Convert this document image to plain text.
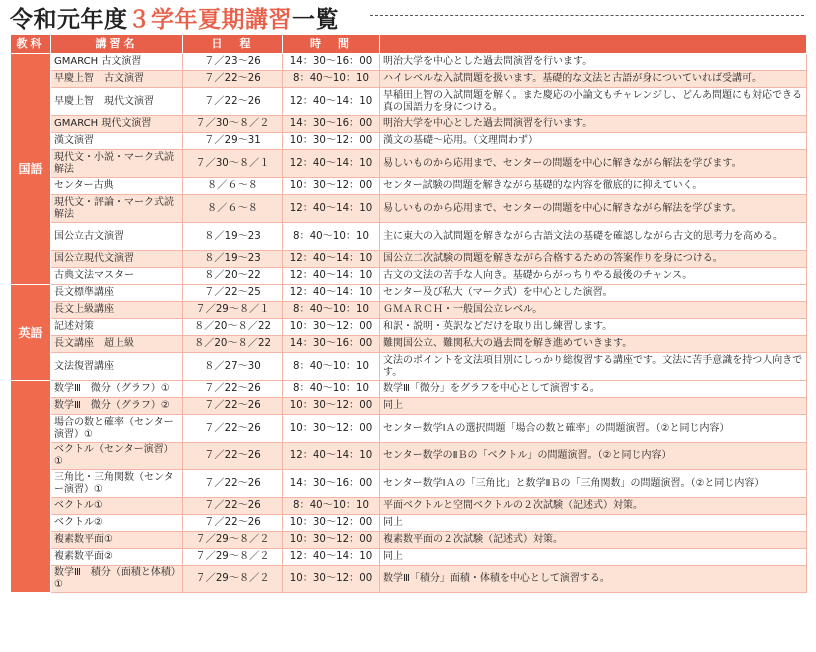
令和元年度３学年夏期講習一覧
教科	講習名	日　程	時　間	
国語	GMARCH 古文演習	７／23～26	14：30～16：00	明治大学を中心とした過去問演習を行います。
	早慶上智　古文演習	７／22～26	8：40～10：10	ハイレベルな入試問題を扱います。基礎的な文法と古語が身についていれば受講可。
	早慶上智　現代文演習	７／22～26	12：40～14：10	早稲田上智の入試問題を解く。また慶応の小論文もチャレンジし、どんあ問題にも対応できる真の国語力を身につける。
	GMARCH 現代文演習	７／30～８／２	14：30～16：00	明治大学を中心とした過去問演習を行います。
	漢文演習	７／29～31	10：30～12：00	漢文の基礎～応用。（文理問わず）
	現代文・小説・マーク式読解法	７／30～８／１	12：40～14：10	易しいものから応用まで、センターの問題を中心に解きながら解法を学びます。
	センター古典	８／６～８	10：30～12：00	センター試験の問題を解きながら基礎的な内容を徹底的に抑えていく。
	現代文・評論・マーク式読解法	８／６～８	12：40～14：10	易しいものから応用まで、センターの問題を中心に解きながら解法を学びます。
	国公立古文演習	８／19～23	8：40～10：10	主に東大の入試問題を解きながら古語文法の基礎を確認しながら古文的思考力を高める。
	国公立現代文演習	８／19～23	12：40～14：10	国公立二次試験の問題を解きながら合格するための答案作りを身につける。
	古典文法マスター	８／20～22	12：40～14：10	古文の文法の苦手な人向き。基礎からがっちりやる最後のチャンス。
英語	長文標準講座	７／22～25	12：40～14：10	センター及び私大（マーク式）を中心とした演習。
	長文上級講座	７／29～８／１	8：40～10：10	ＧＭＡＲＣＨ・一般国公立レベル。
	記述対策	８／20～８／22	10：30～12：00	和訳・説明・英訳などだけを取り出し練習します。
	長文講座　超上級	８／20～８／22	14：30～16：00	難関国公立、難関私大の過去問を解き進めていきます。
	文法復習講座	８／27～30	8：40～10：10	文法のポイントを文法項目別にしっかり総復習する講座です。文法に苦手意識を持つ人向きです。
	数学Ⅲ　微分（グラフ）①	７／22～26	8：40～10：10	数学Ⅲ「微分」をグラフを中心として演習する。
	数学Ⅲ　微分（グラフ）②	７／22～26	10：30～12：00	同上
	場合の数と確率（センター演習）①	７／22～26	10：30～12：00	センター数学ⅠＡの選択問題「場合の数と確率」の問題演習。（②と同じ内容）
	ベクトル（センター演習）①	７／22～26	12：40～14：10	センター数学のⅡＢの「ベクトル」の問題演習。（②と同じ内容）
	三角比・三角関数（センター演習）①	７／22～26	14：30～16：00	センター数学ⅠＡの「三角比」と数学ⅡＢの「三角関数」の問題演習。（②と同じ内容）
	ベクトル①	７／22～26	8：40～10：10	平面ベクトルと空間ベクトルの２次試験（記述式）対策。
	ベクトル②	７／22～26	10：30～12：00	同上
	複素数平面①	７／29～８／２	10：30～12：00	複素数平面の２次試験（記述式）対策。
	複素数平面②	７／29～８／２	12：40～14：10	同上
	数学Ⅲ　積分（面積と体積）①	７／29～８／２	10：30～12：00	数学Ⅲ「積分」面積・体積を中心として演習する。
